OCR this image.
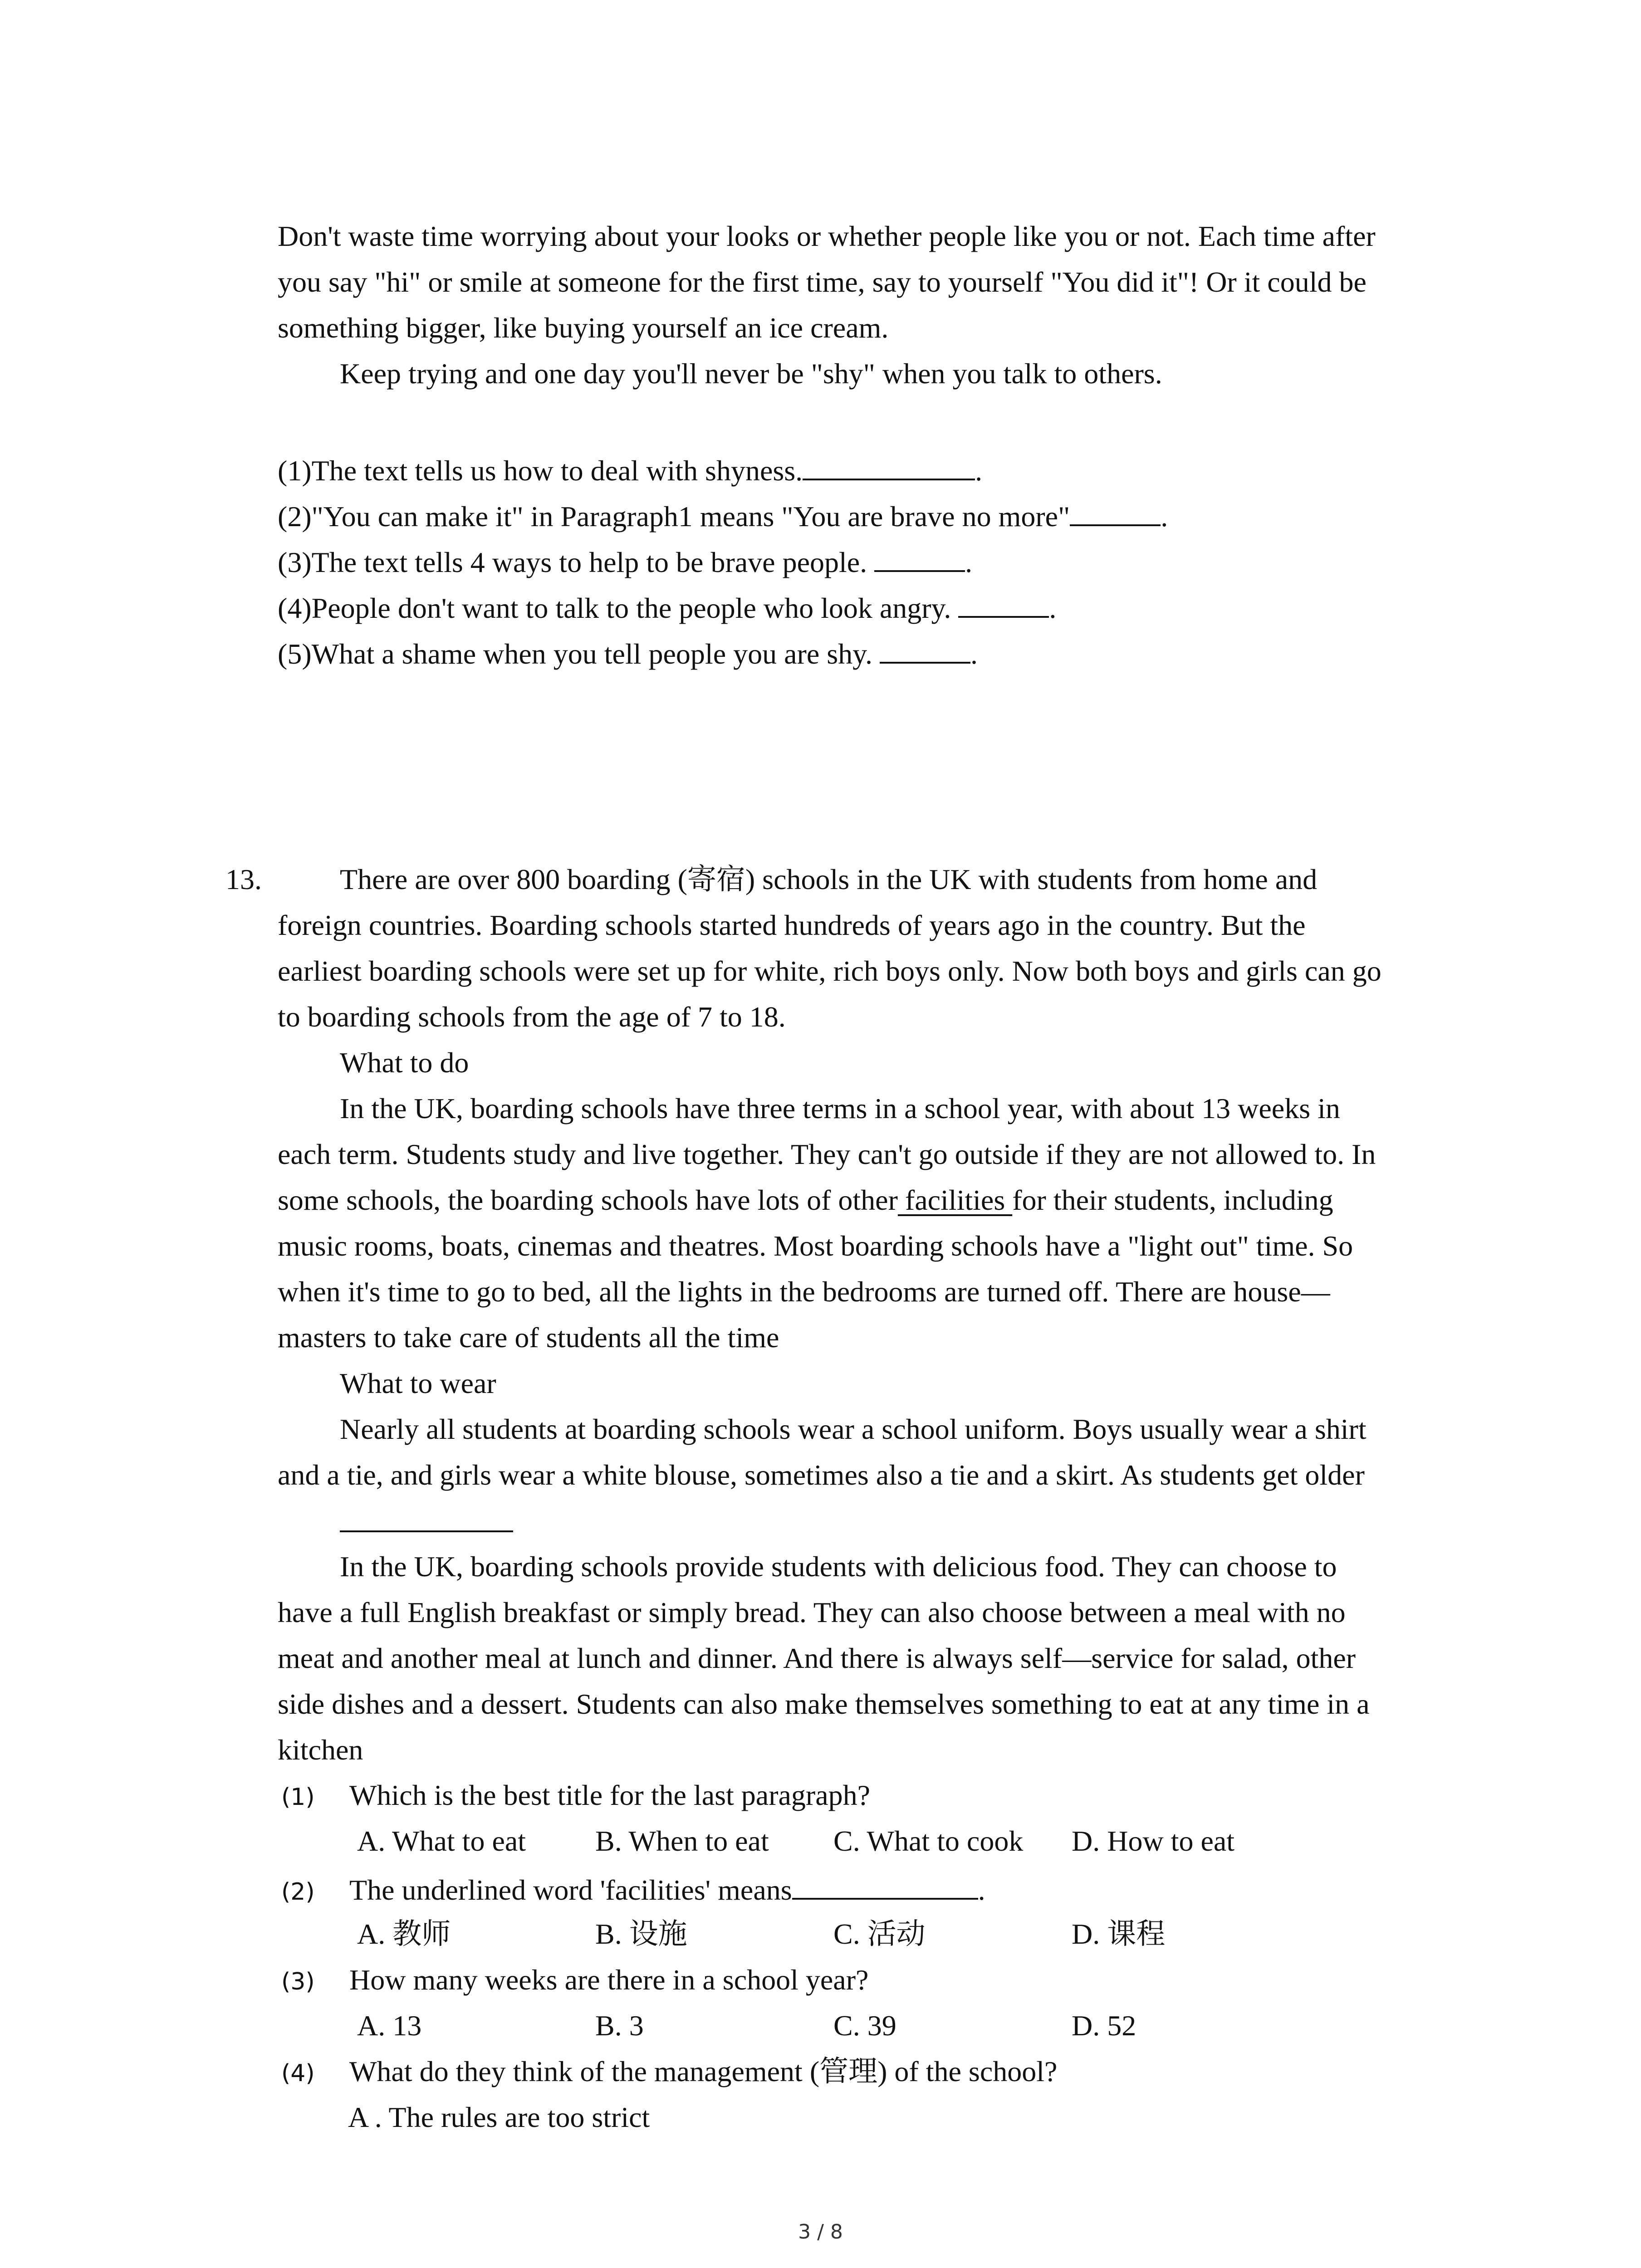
Don't waste time worrying about your looks or whether people like you or not. Each time after
you say "hi" or smile at someone for the first time, say to yourself "You did it"! Or it could be
something bigger, like buying yourself an ice cream.
Keep trying and one day you'll never be "shy" when you talk to others.
(1)The text tells us how to deal with shyness.	.
(2)"You can make it" in Paragraph1 means "You are brave no more"	.
(3)The text tells 4 ways to help to be brave people.	.
(4)People don't want to talk to the people who look angry.	.
(5)What a shame when you tell people you are shy.	.
13.	There are over 800 boarding (寄宿) schools in the UK with students from home and
foreign countries. Boarding schools started hundreds of years ago in the country. But the
earliest boarding schools were set up for white, rich boys only. Now both boys and girls can go
to boarding schools from the age of 7 to 18.
What to do
In the UK, boarding schools have three terms in a school year, with about 13 weeks in
each term. Students study and live together. They can't go outside if they are not allowed to. In
some schools, the boarding schools have lots of other facilities for their students, including
music rooms, boats, cinemas and theatres. Most boarding schools have a "light out" time. So
when it's time to go to bed, all the lights in the bedrooms are turned off. There are house—
masters to take care of students all the time
What to wear
Nearly all students at boarding schools wear a school uniform. Boys usually wear a shirt
and a tie, and girls wear a white blouse, sometimes also a tie and a skirt. As students get older
In the UK, boarding schools provide students with delicious food. They can choose to
have a full English breakfast or simply bread. They can also choose between a meal with no
meat and another meal at lunch and dinner. And there is always self—service for salad, other
side dishes and a dessert. Students can also make themselves something to eat at any time in a
kitchen
(1) Which is the best title for the last paragraph?
A. What to eat B. When to eat C. What to cook D. How to eat
(2) The underlined word 'facilities' means	.
A. 教师	B. 设施	C. 活动	D. 课程
(3) How many weeks are there in a school year?
A. 13	B. 3	C. 39	D. 52
(4) What do they think of the management (管理) of the school?
A . The rules are too strict
3 / 8
